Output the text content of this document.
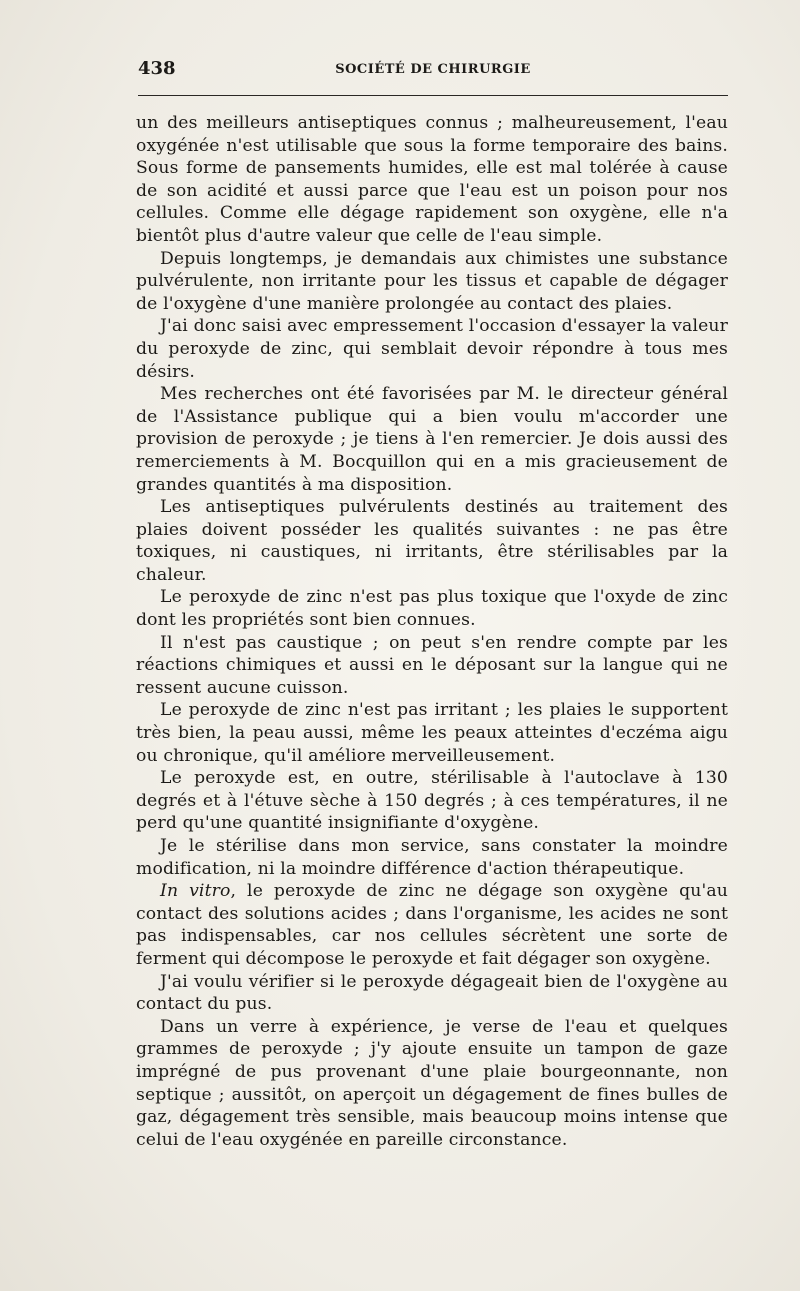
438	SOCIÉTÉ DE CHIRURGIE

un des meilleurs antiseptiques connus ; malheureusement, l'eau oxygénée n'est utilisable que sous la forme temporaire des bains. Sous forme de pansements humides, elle est mal tolérée à cause de son acidité et aussi parce que l'eau est un poison pour nos cellules. Comme elle dégage rapidement son oxygène, elle n'a bientôt plus d'autre valeur que celle de l'eau simple.

Depuis longtemps, je demandais aux chimistes une substance pulvérulente, non irritante pour les tissus et capable de dégager de l'oxygène d'une manière prolongée au contact des plaies.

J'ai donc saisi avec empressement l'occasion d'essayer la valeur du peroxyde de zinc, qui semblait devoir répondre à tous mes désirs.

Mes recherches ont été favorisées par M. le directeur général de l'Assistance publique qui a bien voulu m'accorder une provision de peroxyde ; je tiens à l'en remercier. Je dois aussi des remerciements à M. Bocquillon qui en a mis gracieusement de grandes quantités à ma disposition.

Les antiseptiques pulvérulents destinés au traitement des plaies doivent posséder les qualités suivantes : ne pas être toxiques, ni caustiques, ni irritants, être stérilisables par la chaleur.

Le peroxyde de zinc n'est pas plus toxique que l'oxyde de zinc dont les propriétés sont bien connues.

Il n'est pas caustique ; on peut s'en rendre compte par les réactions chimiques et aussi en le déposant sur la langue qui ne ressent aucune cuisson.

Le peroxyde de zinc n'est pas irritant ; les plaies le supportent très bien, la peau aussi, même les peaux atteintes d'eczéma aigu ou chronique, qu'il améliore merveilleusement.

Le peroxyde est, en outre, stérilisable à l'autoclave à 130 degrés et à l'étuve sèche à 150 degrés ; à ces températures, il ne perd qu'une quantité insignifiante d'oxygène.

Je le stérilise dans mon service, sans constater la moindre modification, ni la moindre différence d'action thérapeutique.

In vitro, le peroxyde de zinc ne dégage son oxygène qu'au contact des solutions acides ; dans l'organisme, les acides ne sont pas indispensables, car nos cellules sécrètent une sorte de ferment qui décompose le peroxyde et fait dégager son oxygène.

J'ai voulu vérifier si le peroxyde dégageait bien de l'oxygène au contact du pus.

Dans un verre à expérience, je verse de l'eau et quelques grammes de peroxyde ; j'y ajoute ensuite un tampon de gaze imprégné de pus provenant d'une plaie bourgeonnante, non septique ; aussitôt, on aperçoit un dégagement de fines bulles de gaz, dégagement très sensible, mais beaucoup moins intense que celui de l'eau oxygénée en pareille circonstance.
